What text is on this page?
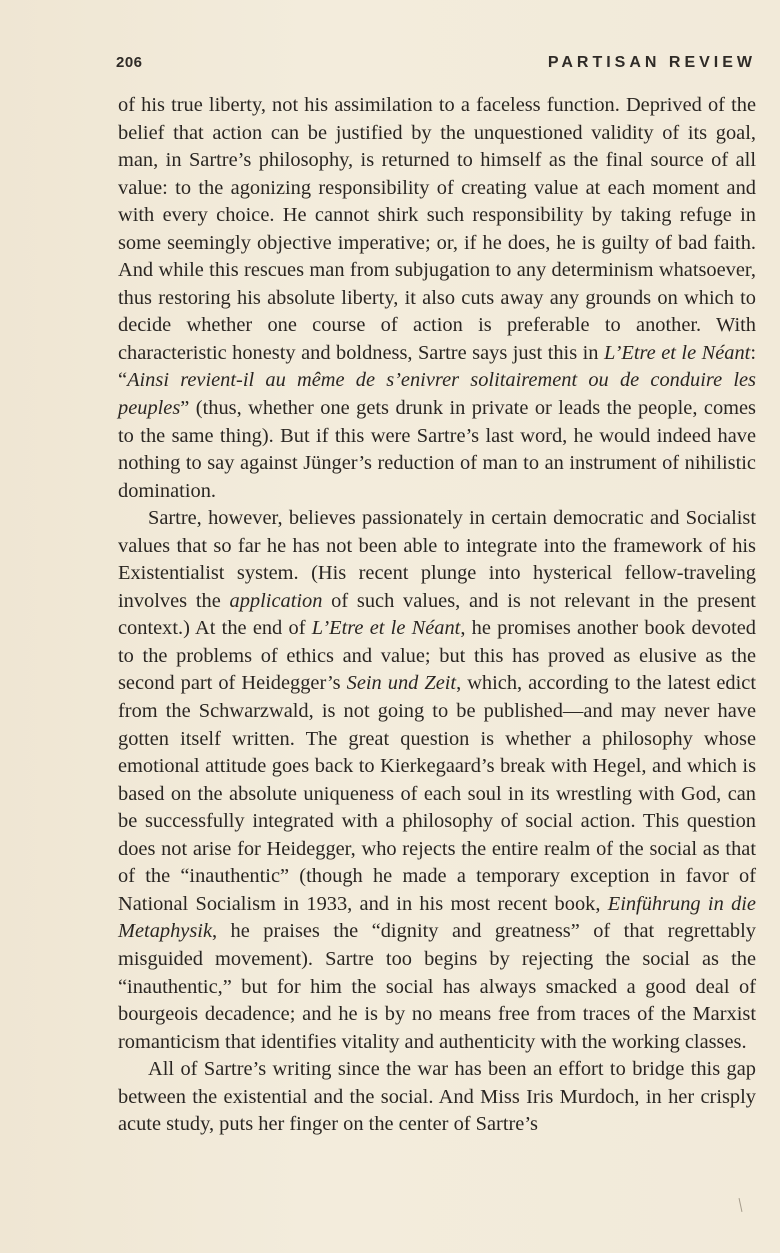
206	PARTISAN REVIEW

of his true liberty, not his assimilation to a faceless function. Deprived of the belief that action can be justified by the unquestioned validity of its goal, man, in Sartre’s philosophy, is returned to himself as the final source of all value: to the agonizing responsibility of creating value at each moment and with every choice. He cannot shirk such responsibility by taking refuge in some seemingly objective imperative; or, if he does, he is guilty of bad faith. And while this rescues man from subjugation to any determinism whatsoever, thus restoring his absolute liberty, it also cuts away any grounds on which to decide whether one course of action is preferable to another. With characteristic honesty and boldness, Sartre says just this in L’Etre et le Néant: “Ainsi revient-il au même de s’enivrer solitairement ou de conduire les peuples” (thus, whether one gets drunk in private or leads the people, comes to the same thing). But if this were Sartre’s last word, he would indeed have nothing to say against Jünger’s reduction of man to an instrument of nihilistic domination.

Sartre, however, believes passionately in certain democratic and Socialist values that so far he has not been able to integrate into the framework of his Existentialist system. (His recent plunge into hysterical fellow-traveling involves the application of such values, and is not relevant in the present context.) At the end of L’Etre et le Néant, he promises another book devoted to the problems of ethics and value; but this has proved as elusive as the second part of Heidegger’s Sein und Zeit, which, according to the latest edict from the Schwarzwald, is not going to be published—and may never have gotten itself written. The great question is whether a philosophy whose emotional attitude goes back to Kierkegaard’s break with Hegel, and which is based on the absolute uniqueness of each soul in its wrestling with God, can be successfully integrated with a philosophy of social action. This question does not arise for Heidegger, who rejects the entire realm of the social as that of the “inauthentic” (though he made a temporary exception in favor of National Socialism in 1933, and in his most recent book, Einführung in die Metaphysik, he praises the “dignity and greatness” of that regrettably misguided movement). Sartre too begins by rejecting the social as the “inauthentic,” but for him the social has always smacked a good deal of bourgeois decadence; and he is by no means free from traces of the Marxist romanticism that identifies vitality and authenticity with the working classes.

All of Sartre’s writing since the war has been an effort to bridge this gap between the existential and the social. And Miss Iris Murdoch, in her crisply acute study, puts her finger on the center of Sartre’s
